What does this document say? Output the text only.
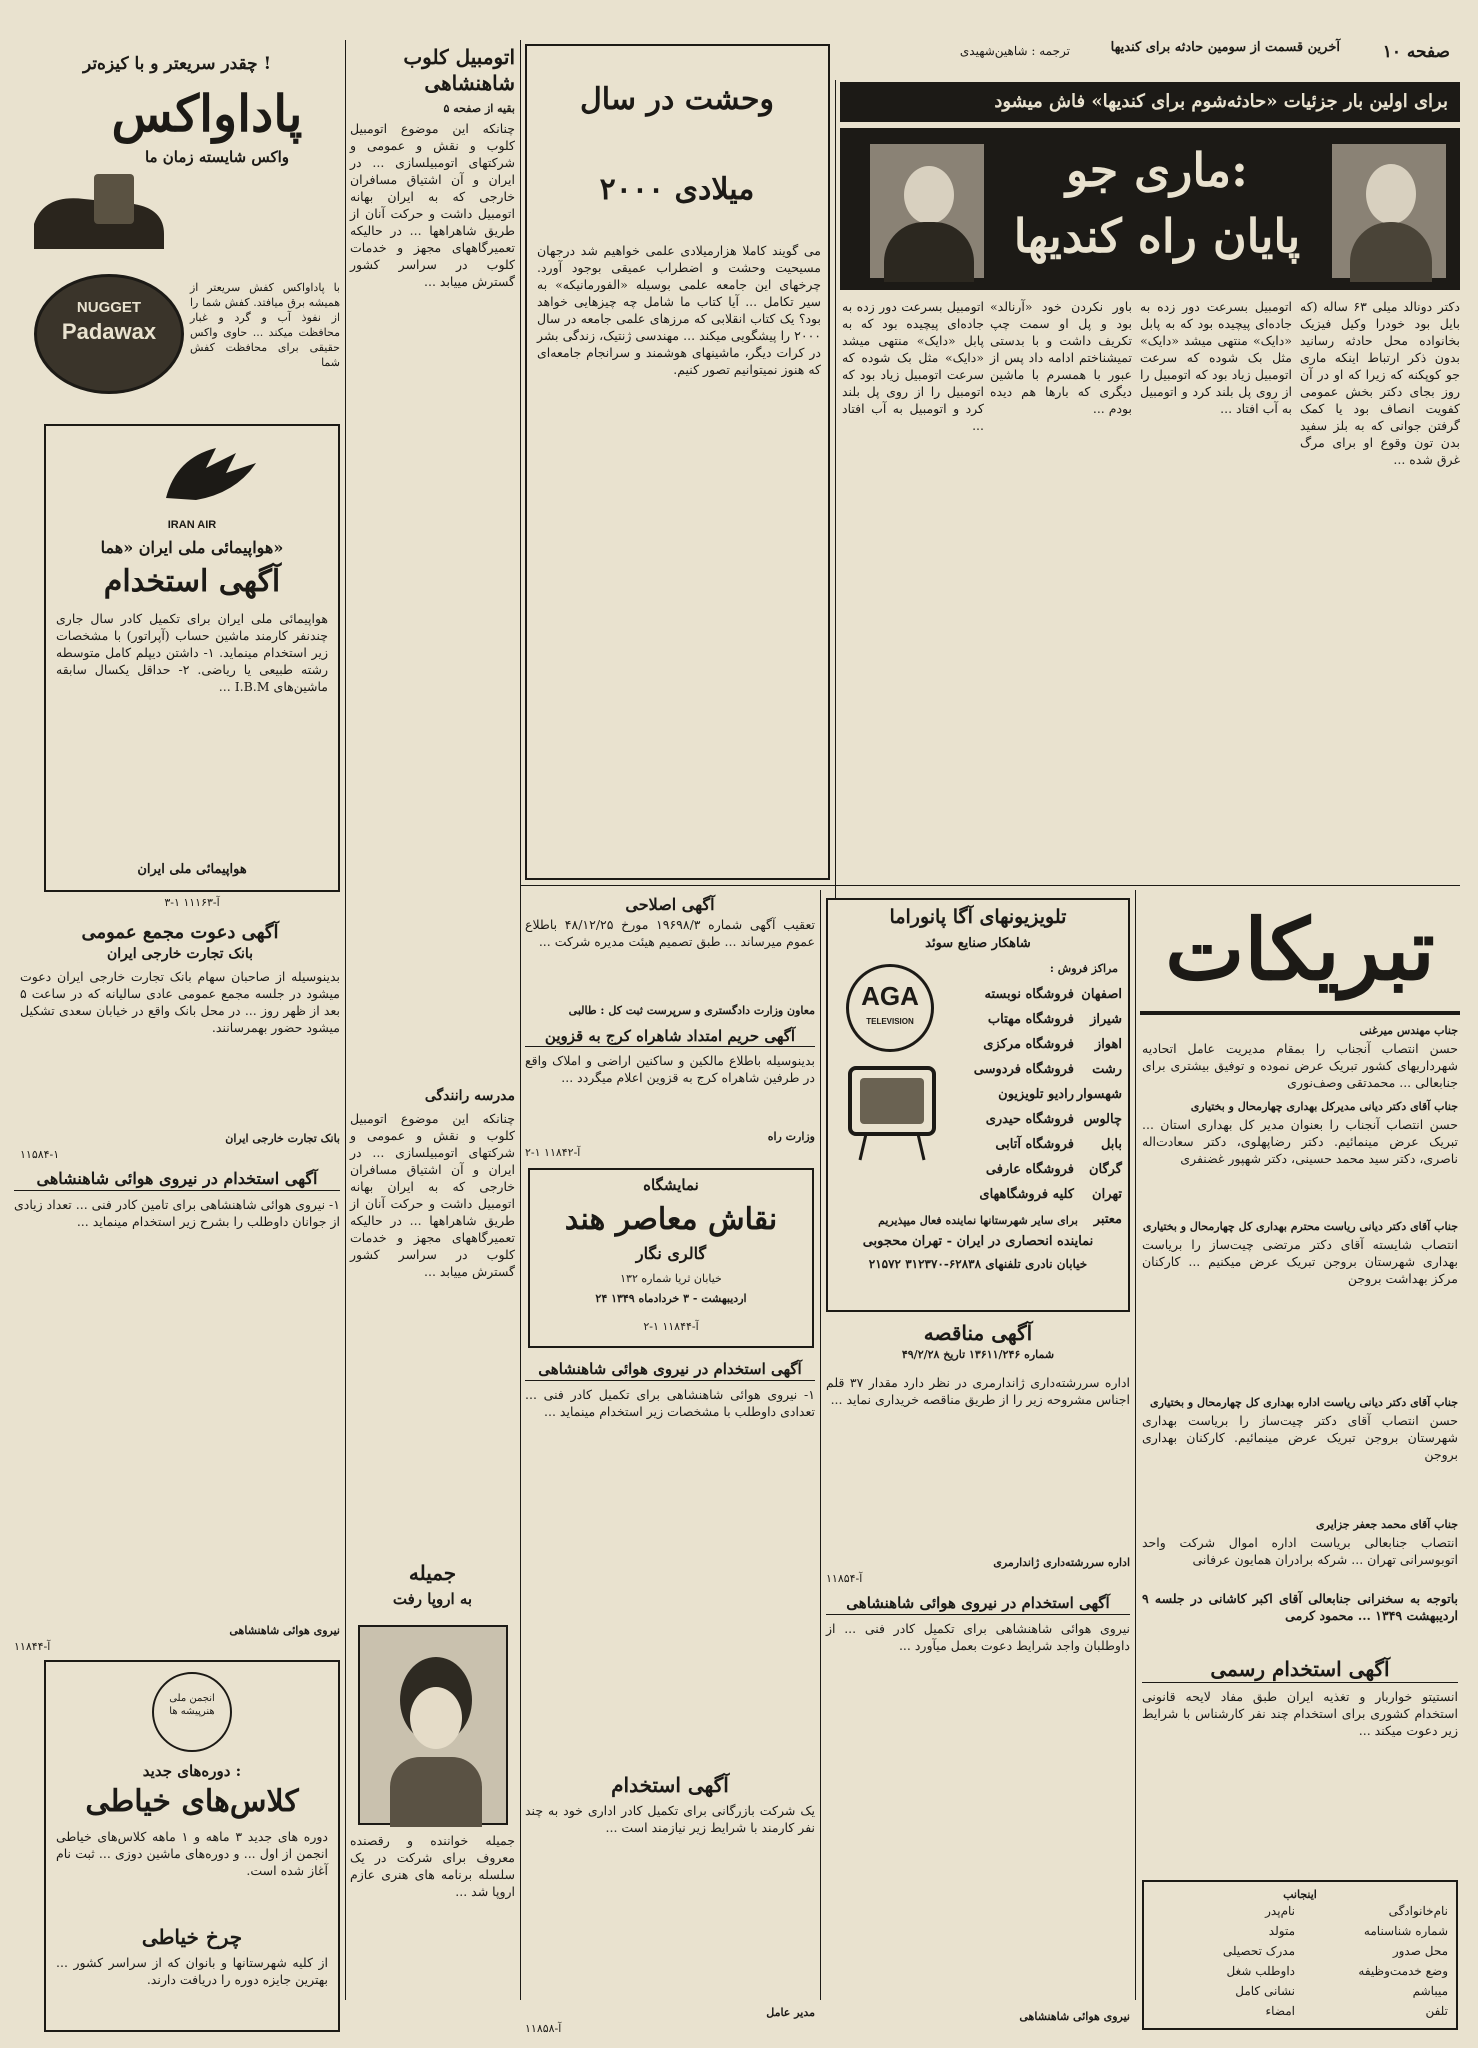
صفحه ۱۰
آخرین قسمت از سومین حادثه برای کندیها
ترجمه : شاهین‌شهیدی
برای اولین بار جزئیات «حادثه‌شوم برای کندیها» فاش میشود
ماری جو:
پایان راه کندیها
دکتر دونالد میلی ۶۳ ساله (که بایل بود خودرا وکیل فیزیک بخانواده محل حادثه رسانید بدون ذکر ارتباط اینکه ماری جو کوپکنه که زیرا که او در آن روز بجای دکتر بخش عمومی کفویت انصاف بود یا کمک گرفتن جوانی که به بلز سفید بدن تون وقوع او برای مرگ غرق شده ...
اتومبیل بسرعت دور زده به جاده‌ای پیچیده بود که به پابل «دایک» منتهی میشد «دایک» مثل بک شوده که سرعت اتومبیل زیاد بود که اتومبیل را از روی پل بلند کرد و اتومبیل به آب افتاد ...
باور نکردن خود «آرنالد» بود و پل او سمت چپ تکریف داشت و با بدستی تمیشناختم ادامه داد پس از عبور با همسرم با ماشین دیگری که بارها هم دیده بودم ...
اتومبیل بسرعت دور زده به جاده‌ای پیچیده بود که به پابل «دایک» منتهی میشد «دایک» مثل بک شوده که سرعت اتومبیل زیاد بود که اتومبیل را از روی پل بلند کرد و اتومبیل به آب افتاد ...
وحشت در سال
۲۰۰۰ میلادی
می گویند کاملا هزارمیلادی علمی خواهیم شد درجهان مسیحیت وحشت و اضطراب عمیقی بوجود آورد. چرخهای این جامعه علمی بوسیله «الفورمانیکه» به سیر تکامل ... آیا کتاب ما شامل چه چیزهایی خواهد بود؟ یک کتاب انقلابی که مرزهای علمی جامعه در سال ۲۰۰۰ را پیشگویی میکند ... مهندسی ژنتیک، زندگی بشر در کرات دیگر، ماشینهای هوشمند و سرانجام جامعه‌ای که هنوز نمیتوانیم تصور کنیم.
اتومبیل کلوب شاهنشاهی
بقیه از صفحه ۵
چنانکه این موضوع اتومبیل کلوب و نقش و عمومی و شرکتهای اتومبیلسازی ... در ایران و آن اشتیاق مسافران خارجی که به ایران بهانه اتومبیل داشت و حرکت آنان از طریق شاهراهها ... در حالیکه تعمیرگاههای مجهز و خدمات کلوب در سراسر کشور گسترش مییابد ...
مدرسه رانندگی
چنانکه این موضوع اتومبیل کلوب و نقش و عمومی و شرکتهای اتومبیلسازی ... در ایران و آن اشتیاق مسافران خارجی که به ایران بهانه اتومبیل داشت و حرکت آنان از طریق شاهراهها ... در حالیکه تعمیرگاههای مجهز و خدمات کلوب در سراسر کشور گسترش مییابد ...
جمیله
به اروپا رفت
جمیله خواننده و رقصنده معروف برای شرکت در یک سلسله برنامه های هنری عازم اروپا شد ...
چقدر سریعتر و با کیزه‌تر !
پاداواکس
واکس شایسته زمان ما
NUGGET
Padawax
با پاداواکس کفش سریعتر از همیشه برق میافتد. کفش شما را از نفوذ آب و گرد و غبار محافظت میکند ... حاوی واکس حقیقی برای محافظت کفش شما
IRAN AIR
هواپیمائی ملی ایران «هما»
آگهی استخدام
هواپیمائی ملی ایران برای تکمیل کادر سال جاری چندنفر کارمند ماشین حساب (آپراتور) با مشخصات زیر استخدام مینماید. ۱- داشتن دیپلم کامل متوسطه رشته طبیعی یا ریاضی. ۲- حداقل یکسال سابقه ماشین‌های I.B.M ...
هواپیمائی ملی ایران
۳-۱ آ-۱۱۱۶۳
آگهی دعوت مجمع عمومی
بانک تجارت خارجی ایران
بدینوسیله از صاحبان سهام بانک تجارت خارجی ایران دعوت میشود در جلسه مجمع عمومی عادی سالیانه که در ساعت ۵ بعد از ظهر روز ... در محل بانک واقع در خیابان سعدی تشکیل میشود حضور بهمرسانند.
بانک تجارت خارجی ایران
۱۱۵۸۴-۱
آگهی استخدام در نیروی هوائی شاهنشاهی
۱- نیروی هوائی شاهنشاهی برای تامین کادر فنی ... تعداد زیادی از جوانان داوطلب را بشرح زیر استخدام مینماید ...
نیروی هوائی شاهنشاهی
آ-۱۱۸۴۴
انجمن ملی هنرپیشه ها
دوره‌های جدید :
کلاس‌های خیاطی
دوره های جدید ۳ ماهه و ۱ ماهه کلاس‌های خیاطی انجمن از اول ... و دوره‌های ماشین دوزی ... ثبت نام آغاز شده است.
چرخ خیاطی
از کلیه شهرستانها و بانوان که از سراسر کشور ... بهترین جایزه دوره را دریافت دارند.
تبریکات
جناب مهندس میرغنی
حسن انتصاب آنجناب را بمقام مدیریت عامل اتحادیه شهرداریهای کشور تبریک عرض نموده و توفیق بیشتری برای جنابعالی ... محمدتقی وصف‌نوری
جناب آقای دکتر دیانی مدیرکل بهداری چهارمحال و بختیاری
حسن انتصاب آنجناب را بعنوان مدیر کل بهداری استان ... تبریک عرض مینمائیم. دکتر رضاپهلوی، دکتر سعادت‌اله ناصری، دکتر سید محمد حسینی، دکتر شهپور غضنفری
جناب آقای دکتر دیانی ریاست محترم بهداری کل چهارمحال و بختیاری
انتصاب شایسته آقای دکتر مرتضی چیت‌ساز را بریاست بهداری شهرستان بروجن تبریک عرض میکنیم ... کارکنان مرکز بهداشت بروجن
جناب آقای دکتر دیانی ریاست اداره بهداری کل چهارمحال و بختیاری
حسن انتصاب آقای دکتر چیت‌ساز را بریاست بهداری شهرستان بروجن تبریک عرض مینمائیم. کارکنان بهداری بروجن
جناب آقای محمد جعفر جزایری
انتصاب جنابعالی بریاست اداره اموال شرکت واحد اتوبوسرانی تهران ... شرکه برادران همایون عرفانی
باتوجه به سخنرانی جنابعالی آقای اکبر کاشانی در جلسه ۹ اردیبهشت ۱۳۴۹ ... محمود کرمی
آگهی استخدام رسمی
انستیتو خواربار و تغذیه ایران طبق مفاد لایحه قانونی استخدام کشوری برای استخدام چند نفر کارشناس با شرایط زیر دعوت میکند ...
اینجانب
نام‌خانوادگی
نام‌پدر
شماره شناسنامه
متولد
محل صدور
مدرک تحصیلی
وضع خدمت‌وظیفه
داوطلب شغل
میباشم
نشانی کامل
تلفن
امضاء
تلویزیونهای آگا پانوراما
شاهکار صنایع سوئد
مراکز فروش :
AGA
TELEVISION
اصفهانفروشگاه نوبسته
شیرازفروشگاه مهتاب
اهوازفروشگاه مرکزی
رشتفروشگاه فردوسی
شهسواررادیو تلویزیون
چالوسفروشگاه حیدری
بابلفروشگاه آتابی
گرگانفروشگاه عارفی
تهرانکلیه فروشگاههای معتبر
برای سایر شهرستانها نماینده فعال میپذیریم
نماینده انحصاری در ایران - تهران محجوبی
خیابان نادری تلفنهای ۶۲۸۳۸-۳۱۲۳۷۰ ۲۱۵۷۲
آگهی مناقصه
شماره ۱۳۶۱۱/۲۴۶ تاریخ ۴۹/۲/۲۸
اداره سررشته‌داری ژاندارمری در نظر دارد مقدار ۳۷ قلم اجناس مشروحه زیر را از طریق مناقصه خریداری نماید ...
اداره سررشته‌داری ژاندارمری
آ-۱۱۸۵۴
آگهی استخدام در نیروی هوائی شاهنشاهی
نیروی هوائی شاهنشاهی برای تکمیل کادر فنی ... از داوطلبان واجد شرایط دعوت بعمل میآورد ...
نیروی هوائی شاهنشاهی
آگهی اصلاحی
تعقیب آگهی شماره ۱۹۶۹۸/۳ مورخ ۴۸/۱۲/۲۵ باطلاع عموم میرساند ... طبق تصمیم هیئت مدیره شرکت ...
معاون وزارت دادگستری و سرپرست ثبت کل : طالبی
آگهی حریم امتداد شاهراه کرج به قزوین
بدینوسیله باطلاع مالکین و ساکنین اراضی و املاک واقع در طرفین شاهراه کرج به قزوین اعلام میگردد ...
وزارت راه
۲-۱ آ-۱۱۸۴۲
نمایشگاه
نقاش معاصر هند
گالری نگار
خیابان ثریا شماره ۱۳۲
۲۴ اردیبهشت - ۳ خردادماه ۱۳۴۹
۲-۱ آ-۱۱۸۴۴
آگهی استخدام در نیروی هوائی شاهنشاهی
۱- نیروی هوائی شاهنشاهی برای تکمیل کادر فنی ... تعدادی داوطلب با مشخصات زیر استخدام مینماید ...
آگهی استخدام
یک شرکت بازرگانی برای تکمیل کادر اداری خود به چند نفر کارمند با شرایط زیر نیازمند است ...
مدیر عامل
آ-۱۱۸۵۸
